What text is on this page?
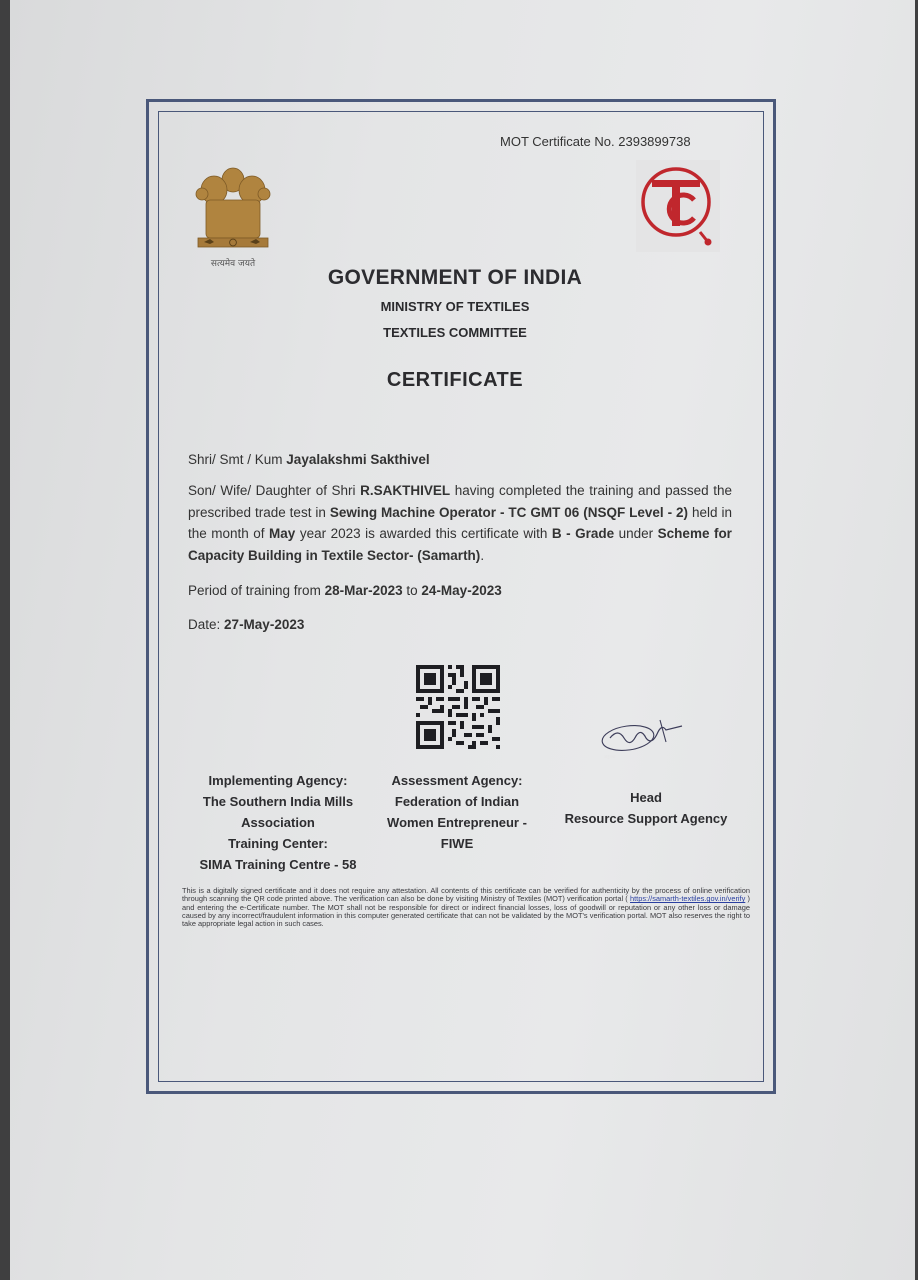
MOT Certificate No. 2393899738
सत्यमेव जयते
TC
GOVERNMENT OF INDIA
MINISTRY OF TEXTILES
TEXTILES COMMITTEE
CERTIFICATE
Shri/ Smt / Kum Jayalakshmi Sakthivel
Son/ Wife/ Daughter of Shri R.SAKTHIVEL having completed the training and passed the prescribed trade test in Sewing Machine Operator - TC GMT 06 (NSQF Level - 2) held in the month of May year 2023 is awarded this certificate with B - Grade under Scheme for Capacity Building in Textile Sector- (Samarth).
Period of training from 28-Mar-2023 to 24-May-2023
Date: 27-May-2023
अनुराधा
Implementing Agency:
The Southern India Mills
Association
Training Center:
SIMA Training Centre - 58
Assessment Agency:
Federation of Indian
Women Entrepreneur -
FIWE
Head
Resource Support Agency
This is a digitally signed certificate and it does not require any attestation. All contents of this certificate can be verified for authenticity by the process of online verification through scanning the QR code printed above. The verification can also be done by visiting Ministry of Textiles (MOT) verification portal ( https://samarth-textiles.gov.in/verify ) and entering the e-Certificate number. The MOT shall not be responsible for direct or indirect financial losses, loss of goodwill or reputation or any other loss or damage caused by any incorrect/fraudulent information in this computer generated certificate that can not be validated by the MOT's verification portal. MOT also reserves the right to take appropriate legal action in such cases.
